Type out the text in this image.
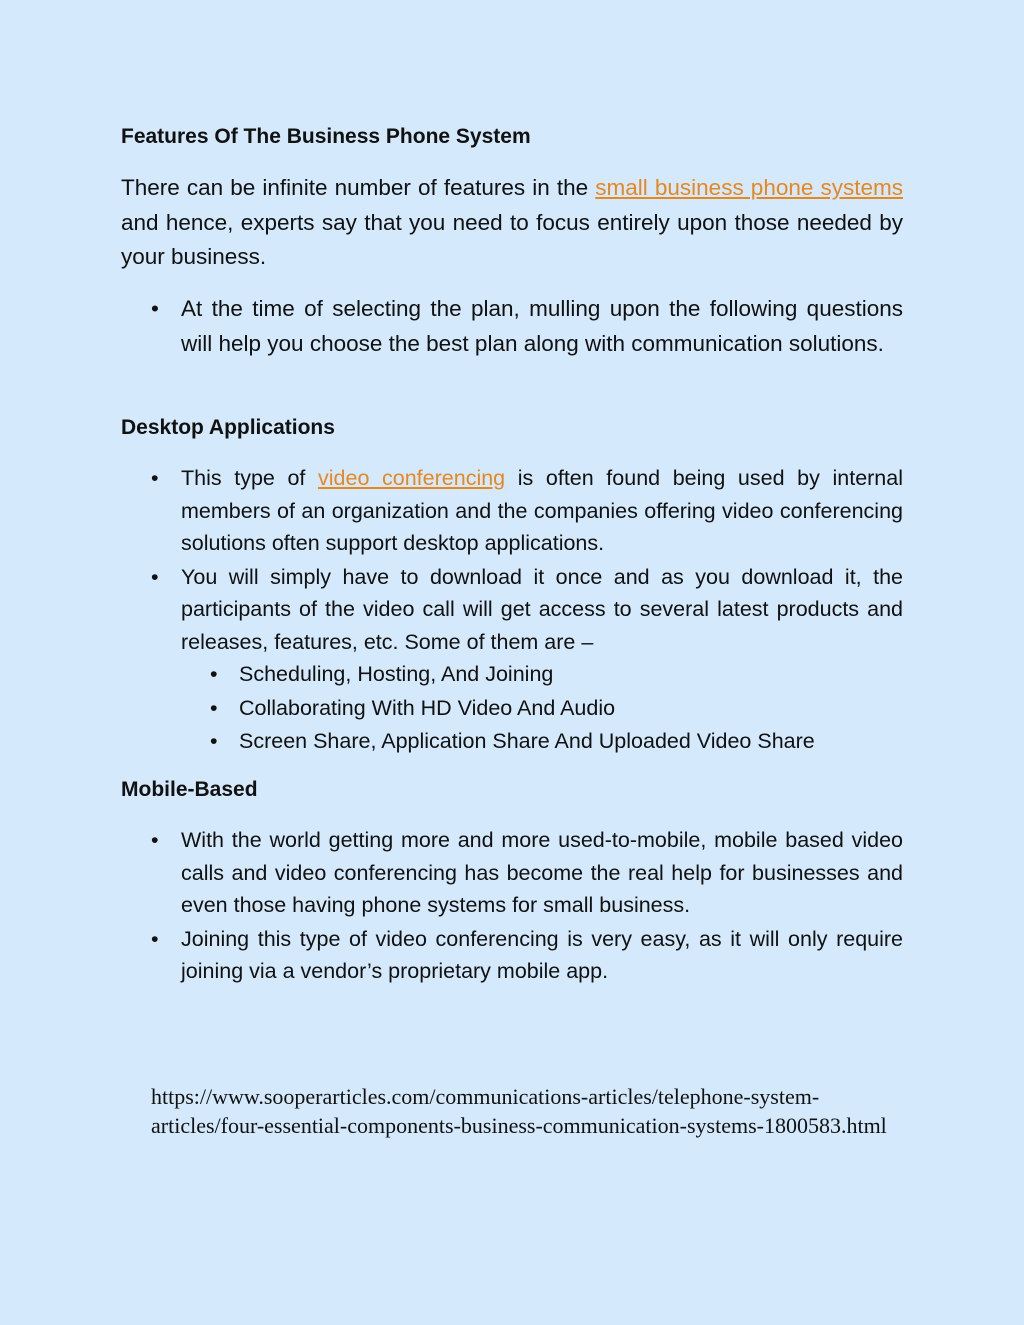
Features Of The Business Phone System

There can be infinite number of features in the small business phone systems and hence, experts say that you need to focus entirely upon those needed by your business.

• At the time of selecting the plan, mulling upon the following questions will help you choose the best plan along with communication solutions.
Desktop Applications
• This type of video conferencing is often found being used by internal members of an organization and the companies offering video conferencing solutions often support desktop applications.
• You will simply have to download it once and as you download it, the participants of the video call will get access to several latest products and releases, features, etc. Some of them are –
• Scheduling, Hosting, And Joining
• Collaborating With HD Video And Audio
• Screen Share, Application Share And Uploaded Video Share
Mobile-Based
• With the world getting more and more used-to-mobile, mobile based video calls and video conferencing has become the real help for businesses and even those having phone systems for small business.
• Joining this type of video conferencing is very easy, as it will only require joining via a vendor’s proprietary mobile app.

https://www.sooperarticles.com/communications-articles/telephone-system-articles/four-essential-components-business-communication-systems-1800583.html
